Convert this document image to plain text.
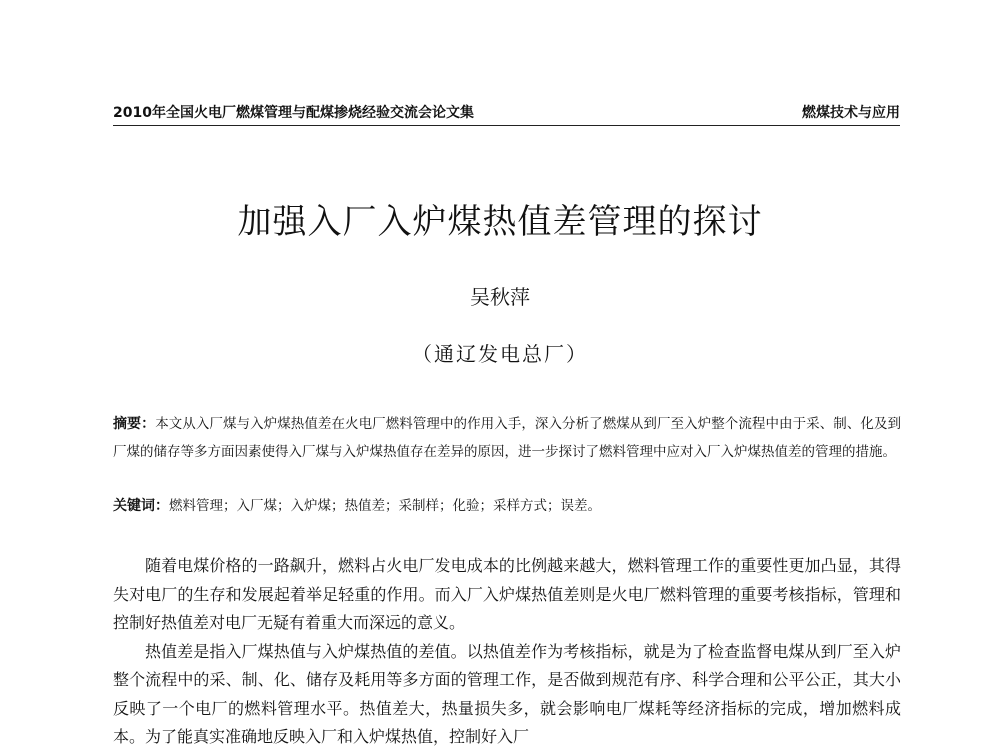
2010年全国火电厂燃煤管理与配煤掺烧经验交流会论文集	燃煤技术与应用
加强入厂入炉煤热值差管理的探讨
吴秋萍
（通辽发电总厂）
摘要：本文从入厂煤与入炉煤热值差在火电厂燃料管理中的作用入手，深入分析了燃煤从到厂至入炉整个流程中由于采、制、化及到厂煤的储存等多方面因素使得入厂煤与入炉煤热值存在差异的原因，进一步探讨了燃料管理中应对入厂入炉煤热值差的管理的措施。
关键词：燃料管理；入厂煤；入炉煤；热值差；采制样；化验；采样方式；误差。

随着电煤价格的一路飙升，燃料占火电厂发电成本的比例越来越大，燃料管理工作的重要性更加凸显，其得失对电厂的生存和发展起着举足轻重的作用。而入厂入炉煤热值差则是火电厂燃料管理的重要考核指标，管理和控制好热值差对电厂无疑有着重大而深远的意义。

热值差是指入厂煤热值与入炉煤热值的差值。以热值差作为考核指标，就是为了检查监督电煤从到厂至入炉整个流程中的采、制、化、储存及耗用等多方面的管理工作，是否做到规范有序、科学合理和公平公正，其大小反映了一个电厂的燃料管理水平。热值差大，热量损失多，就会影响电厂煤耗等经济指标的完成，增加燃料成本。为了能真实准确地反映入厂和入炉煤热值，控制好入厂
